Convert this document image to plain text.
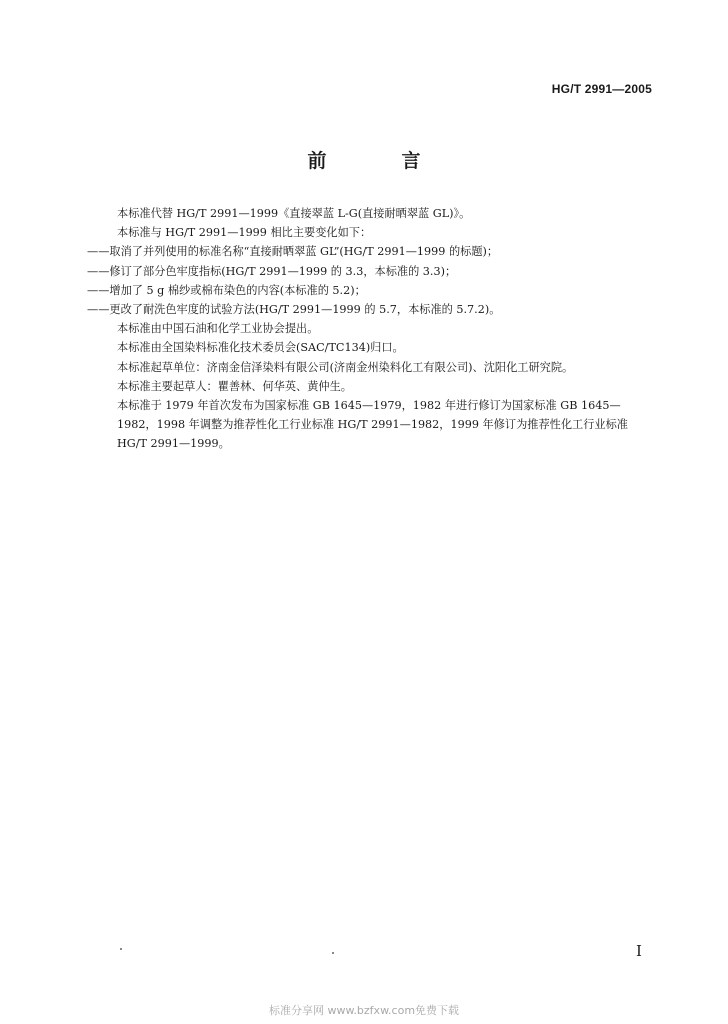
HG/T 2991—2005
前　言

本标准代替 HG/T 2991—1999《直接翠蓝 L-G(直接耐晒翠蓝 GL)》。

本标准与 HG/T 2991—1999 相比主要变化如下：

——取消了并列使用的标准名称“直接耐晒翠蓝 GL”(HG/T 2991—1999 的标题)；

——修订了部分色牢度指标(HG/T 2991—1999 的 3.3，本标准的 3.3)；

——增加了 5 g 棉纱或棉布染色的内容(本标准的 5.2)；

——更改了耐洗色牢度的试验方法(HG/T 2991—1999 的 5.7，本标准的 5.7.2)。

本标准由中国石油和化学工业协会提出。

本标准由全国染料标准化技术委员会(SAC/TC134)归口。

本标准起草单位：济南金信泽染料有限公司(济南金州染料化工有限公司)、沈阳化工研究院。

本标准主要起草人：瞿善林、何华英、黄仲生。

本标准于 1979 年首次发布为国家标准 GB 1645—1979，1982 年进行修订为国家标准 GB 1645—1982，1998 年调整为推荐性化工行业标准 HG/T 2991—1982，1999 年修订为推荐性化工行业标准 HG/T 2991—1999。

I
标准分享网 www.bzfxw.com免费下载
